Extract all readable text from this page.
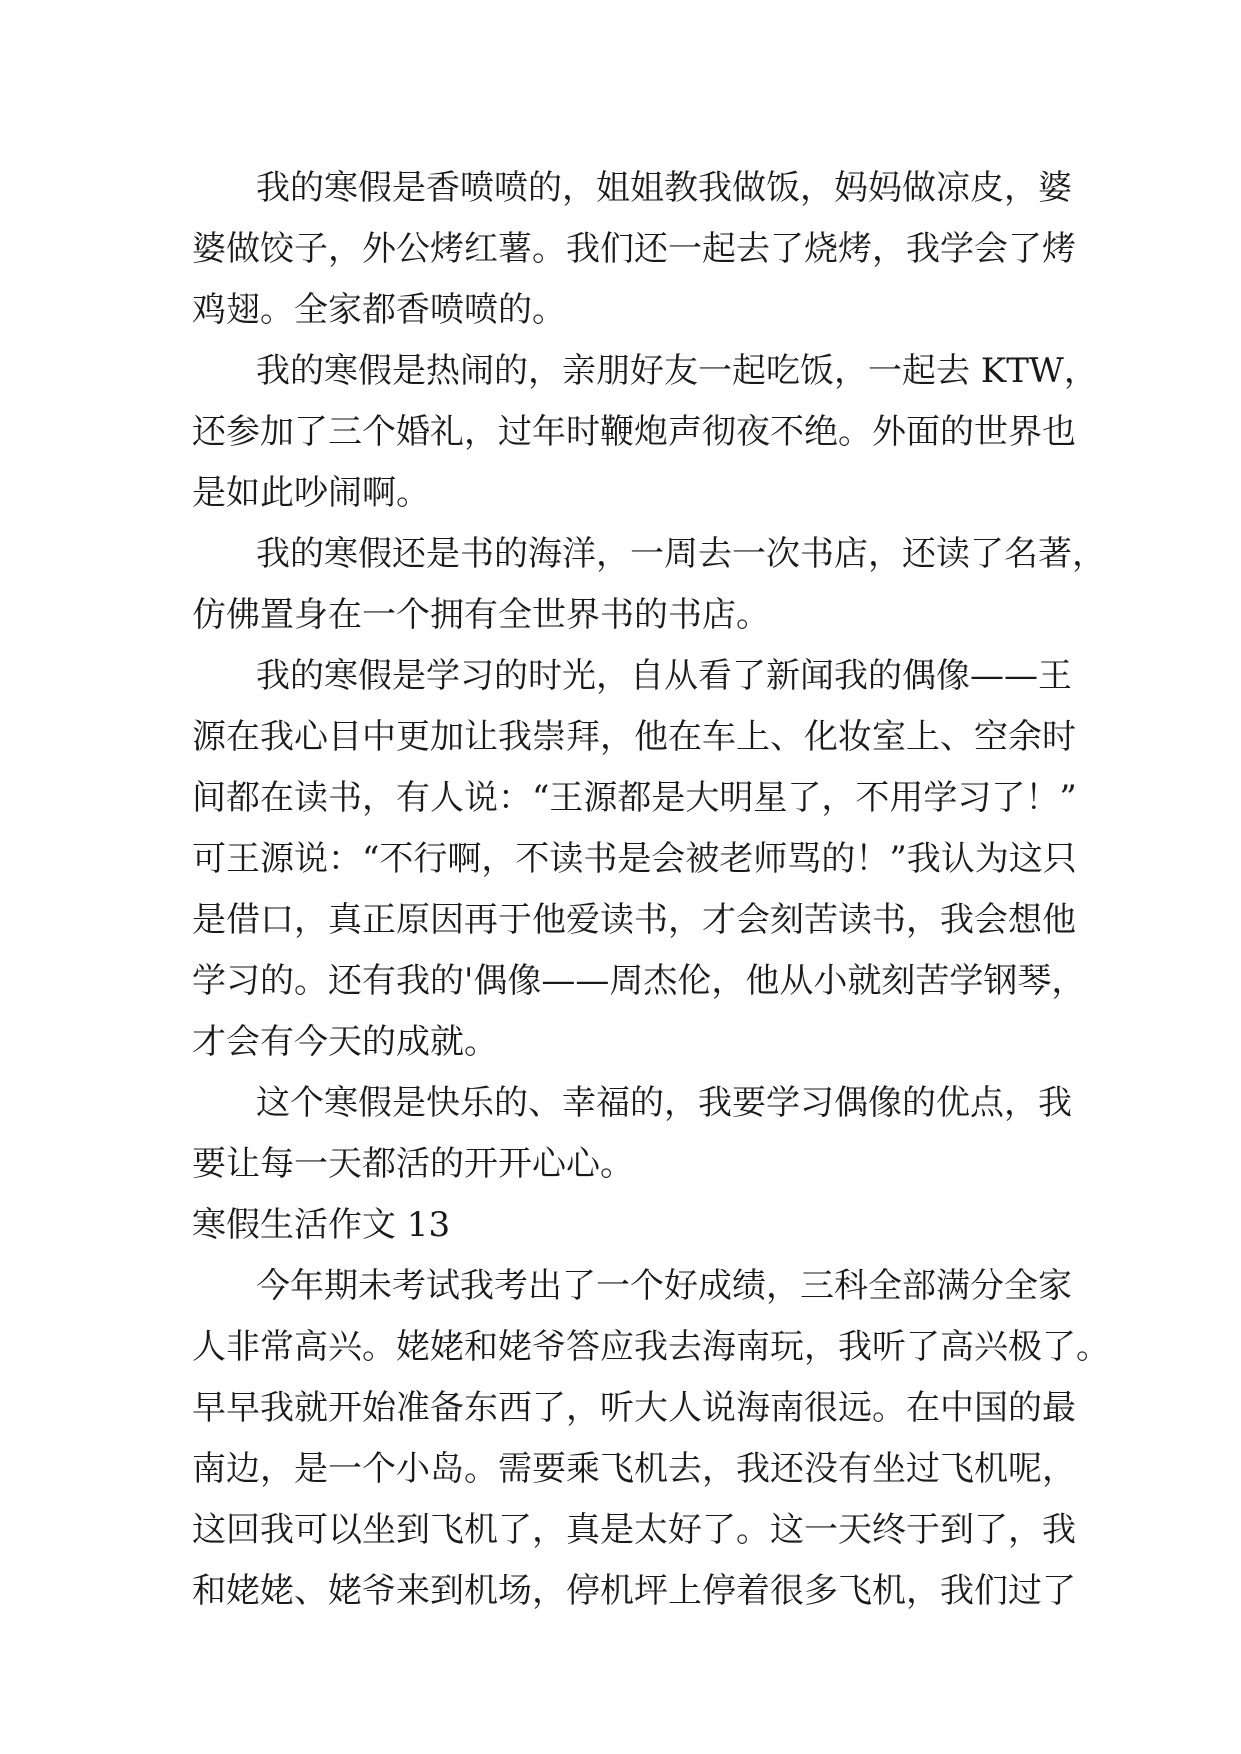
我的寒假是香喷喷的，姐姐教我做饭，妈妈做凉皮，婆
婆做饺子，外公烤红薯。我们还一起去了烧烤，我学会了烤
鸡翅。全家都香喷喷的。
我的寒假是热闹的，亲朋好友一起吃饭，一起去 KTW，
还参加了三个婚礼，过年时鞭炮声彻夜不绝。外面的世界也
是如此吵闹啊。
我的寒假还是书的海洋，一周去一次书店，还读了名著，
仿佛置身在一个拥有全世界书的书店。
我的寒假是学习的时光，自从看了新闻我的偶像——王
源在我心目中更加让我崇拜，他在车上、化妆室上、空余时
间都在读书，有人说：“王源都是大明星了，不用学习了！”
可王源说：“不行啊，不读书是会被老师骂的！”我认为这只
是借口，真正原因再于他爱读书，才会刻苦读书，我会想他
学习的。还有我的'偶像——周杰伦，他从小就刻苦学钢琴，
才会有今天的成就。
这个寒假是快乐的、幸福的，我要学习偶像的优点，我
要让每一天都活的开开心心。
寒假生活作文 13
今年期未考试我考出了一个好成绩，三科全部满分全家
人非常高兴。姥姥和姥爷答应我去海南玩，我听了高兴极了。
早早我就开始准备东西了，听大人说海南很远。在中国的最
南边，是一个小岛。需要乘飞机去，我还没有坐过飞机呢，
这回我可以坐到飞机了，真是太好了。这一天终于到了，我
和姥姥、姥爷来到机场，停机坪上停着很多飞机，我们过了
